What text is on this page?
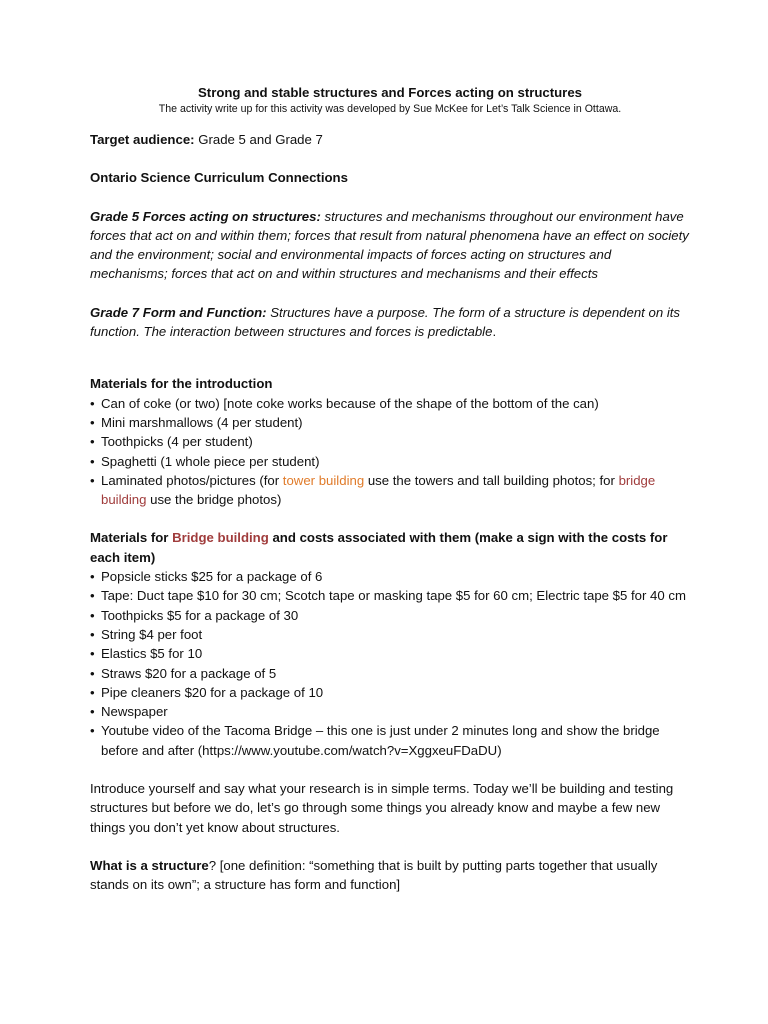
Strong and stable structures and Forces acting on structures
The activity write up for this activity was developed by Sue McKee for Let’s Talk Science in Ottawa.

Target audience: Grade 5 and Grade 7

Ontario Science Curriculum Connections

Grade 5 Forces acting on structures: structures and mechanisms throughout our environment have forces that act on and within them; forces that result from natural phenomena have an effect on society and the environment; social and environmental impacts of forces acting on structures and mechanisms; forces that act on and within structures and mechanisms and their effects

Grade 7 Form and Function: Structures have a purpose. The form of a structure is dependent on its function. The interaction between structures and forces is predictable.

Materials for the introduction

• Can of coke (or two) [note coke works because of the shape of the bottom of the can)
• Mini marshmallows (4 per student)
• Toothpicks (4 per student)
• Spaghetti (1 whole piece per student)
• Laminated photos/pictures (for tower building use the towers and tall building photos; for bridge building use the bridge photos)

Materials for Bridge building and costs associated with them (make a sign with the costs for each item)

• Popsicle sticks $25 for a package of 6
• Tape: Duct tape $10 for 30 cm; Scotch tape or masking tape $5 for 60 cm; Electric tape $5 for 40 cm
• Toothpicks $5 for a package of 30
• String $4 per foot
• Elastics $5 for 10
• Straws $20 for a package of 5
• Pipe cleaners $20 for a package of 10
• Newspaper
• Youtube video of the Tacoma Bridge – this one is just under 2 minutes long and show the bridge before and after (https://www.youtube.com/watch?v=XggxeuFDaDU)

Introduce yourself and say what your research is in simple terms. Today we’ll be building and testing structures but before we do, let’s go through some things you already know and maybe a few new things you don’t yet know about structures.

What is a structure? [one definition: “something that is built by putting parts together that usually stands on its own”; a structure has form and function]
